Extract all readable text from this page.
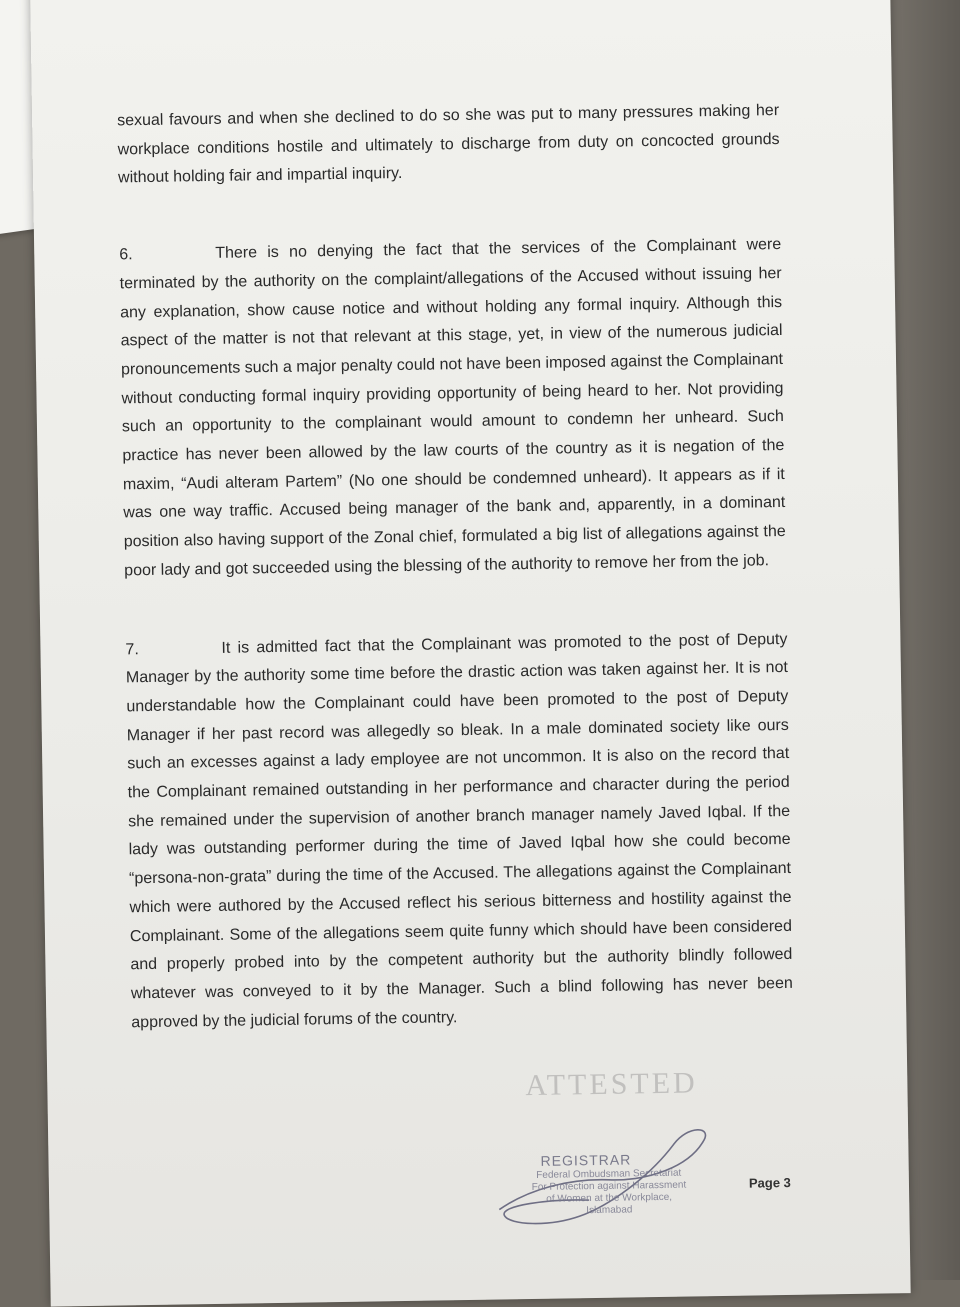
sexual favours and when she declined to do so she was put to many pressures making her workplace conditions hostile and ultimately to discharge from duty on concocted grounds without holding fair and impartial inquiry.

6.	There is no denying the fact that the services of the Complainant were terminated by the authority on the complaint/allegations of the Accused without issuing her any explanation, show cause notice and without holding any formal inquiry. Although this aspect of the matter is not that relevant at this stage, yet, in view of the numerous judicial pronouncements such a major penalty could not have been imposed against the Complainant without conducting formal inquiry providing opportunity of being heard to her. Not providing such an opportunity to the complainant would amount to condemn her unheard. Such practice has never been allowed by the law courts of the country as it is negation of the maxim, “Audi alteram Partem” (No one should be condemned unheard). It appears as if it was one way traffic. Accused being manager of the bank and, apparently, in a dominant position also having support of the Zonal chief, formulated a big list of allegations against the poor lady and got succeeded using the blessing of the authority to remove her from the job.

7.	It is admitted fact that the Complainant was promoted to the post of Deputy Manager by the authority some time before the drastic action was taken against her. It is not understandable how the Complainant could have been promoted to the post of Deputy Manager if her past record was allegedly so bleak. In a male dominated society like ours such an excesses against a lady employee are not uncommon. It is also on the record that the Complainant remained outstanding in her performance and character during the period she remained under the supervision of another branch manager namely Javed Iqbal. If the lady was outstanding performer during the time of Javed Iqbal how she could become “persona-non-grata” during the time of the Accused. The allegations against the Complainant which were authored by the Accused reflect his serious bitterness and hostility against the Complainant. Some of the allegations seem quite funny which should have been considered and properly probed into by the competent authority but the authority blindly followed whatever was conveyed to it by the Manager. Such a blind following has never been approved by the judicial forums of the country.

ATTESTED
REGISTRAR
Federal Ombudsman Secretariat
For Protection against Harassment
of Women at the Workplace,
Islamabad
Page 3
